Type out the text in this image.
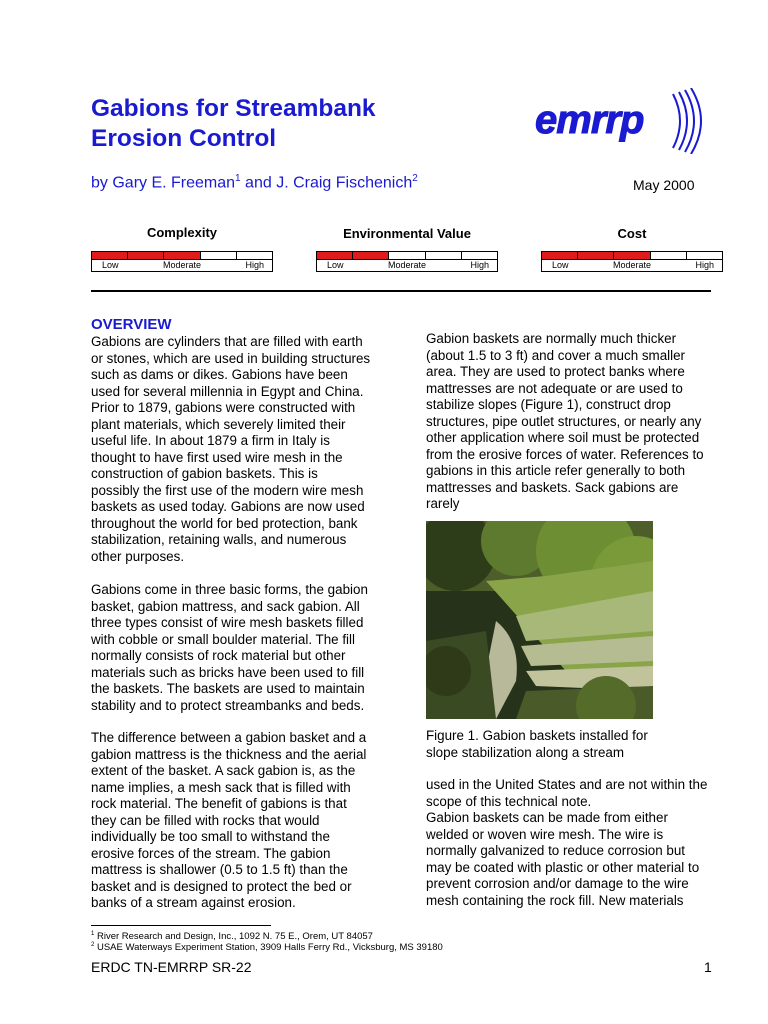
Gabions for Streambank
Erosion Control	emrrp
by Gary E. Freeman$^1$ and J. Craig Fischenich$^2$	May 2000
Complexity
Low	Moderate	High
Environmental Value
Low	Moderate	High
Cost
Low	Moderate	High
OVERVIEW
Gabions are cylinders that are filled with earth
or stones, which are used in building structures
such as dams or dikes. Gabions have been
used for several millennia in Egypt and China.
Prior to 1879, gabions were constructed with
plant materials, which severely limited their
useful life. In about 1879 a firm in Italy is
thought to have first used wire mesh in the
construction of gabion baskets. This is
possibly the first use of the modern wire mesh
baskets as used today. Gabions are now used
throughout the world for bed protection, bank
stabilization, retaining walls, and numerous
other purposes.
Gabions come in three basic forms, the gabion
basket, gabion mattress, and sack gabion. All
three types consist of wire mesh baskets filled
with cobble or small boulder material. The fill
normally consists of rock material but other
materials such as bricks have been used to fill
the baskets. The baskets are used to maintain
stability and to protect streambanks and beds.
The difference between a gabion basket and a
gabion mattress is the thickness and the aerial
extent of the basket. A sack gabion is, as the
name implies, a mesh sack that is filled with
rock material. The benefit of gabions is that
they can be filled with rocks that would
individually be too small to withstand the
erosive forces of the stream. The gabion
mattress is shallower (0.5 to 1.5 ft) than the
basket and is designed to protect the bed or
banks of a stream against erosion.
Gabion baskets are normally much thicker
(about 1.5 to 3 ft) and cover a much smaller
area. They are used to protect banks where
mattresses are not adequate or are used to
stabilize slopes (Figure 1), construct drop
structures, pipe outlet structures, or nearly any
other application where soil must be protected
from the erosive forces of water. References to
gabions in this article refer generally to both
mattresses and baskets. Sack gabions are
rarely
Figure 1. Gabion baskets installed for
slope stabilization along a stream
used in the United States and are not within the
scope of this technical note.
Gabion baskets can be made from either
welded or woven wire mesh. The wire is
normally galvanized to reduce corrosion but
may be coated with plastic or other material to
prevent corrosion and/or damage to the wire
mesh containing the rock fill. New materials
$^1$ River Research and Design, Inc., 1092 N. 75 E., Orem, UT 84057
$^2$ USAE Waterways Experiment Station, 3909 Halls Ferry Rd., Vicksburg, MS 39180
ERDC TN-EMRRP SR-22	1
